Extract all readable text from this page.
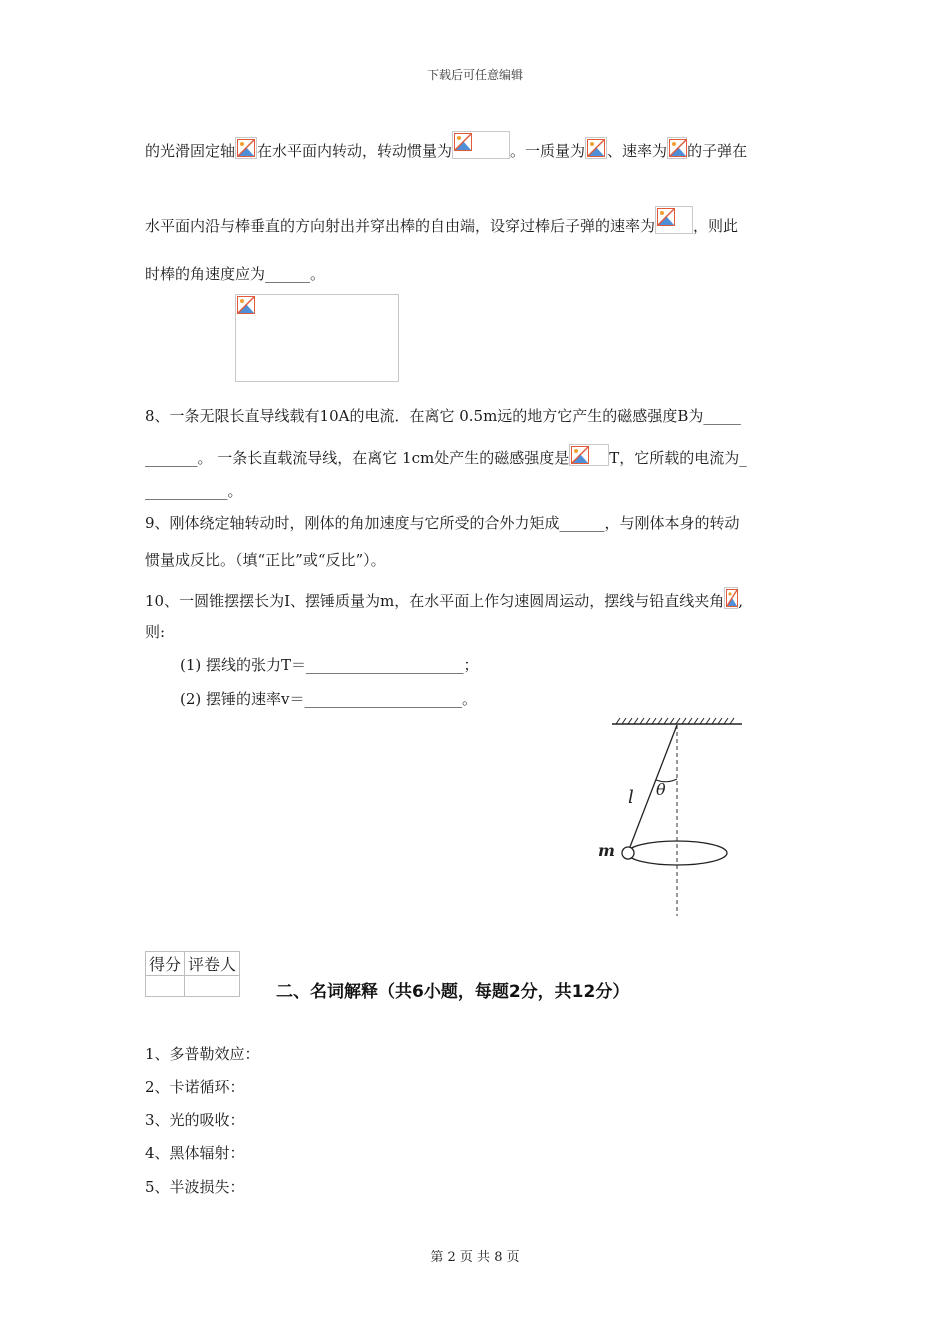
下载后可任意编辑
的光滑固定轴 在水平面内转动，转动惯量为	。一质量为 、速率为 的子弹在
水平面内沿与棒垂直的方向射出并穿出棒的自由端，设穿过棒后子弹的速率为	，则此
时棒的角速度应为______。
8、一条无限长直导线载有10A的电流．在离它 0.5m远的地方它产生的磁感强度B为_____
_______。 一条长直载流导线，在离它 1cm处产生的磁感强度是	T，它所载的电流为_
___________。
9、刚体绕定轴转动时，刚体的角加速度与它所受的合外力矩成______，与刚体本身的转动
惯量成反比。（填“正比”或“反比”）。
10、一圆锥摆摆长为I、摆锤质量为m，在水平面上作匀速圆周运动，摆线与铅直线夹角 ,
则:
(1) 摆线的张力T＝_____________________；
(2) 摆锤的速率v＝_____________________。
l θ
m
得分	评卷人

二、名词解释（共6小题，每题2分，共12分）
1、多普勒效应：
2、卡诺循环：
3、光的吸收：
4、黑体辐射：
5、半波损失：
第 2 页 共 8 页
